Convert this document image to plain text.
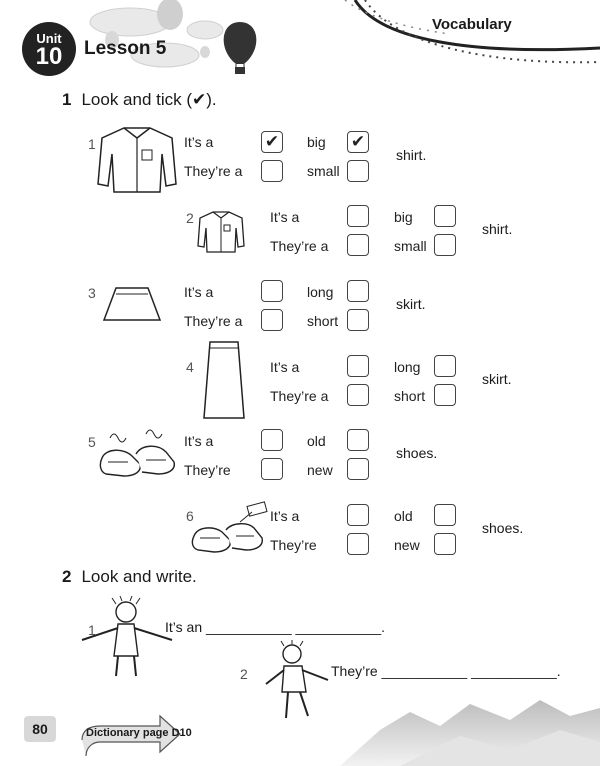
Unit
10	Lesson 5
Vocabulary
1 Look and tick (✔).
1	It’s a	✔ big ✔
They’re a	small
shirt.
2	It’s a	big
They’re a	small
shirt.
3	It’s a	long
They’re a	short
skirt.
4	It’s a	long
They’re a	short
skirt.
5	It’s a	old
They’re	new
shoes.
6	It’s a	old
They’re	new
shoes.
2 Look and write.
1	It’s an ___________ ___________.
2	They’re ___________ ___________.
80	Dictionary page D10
